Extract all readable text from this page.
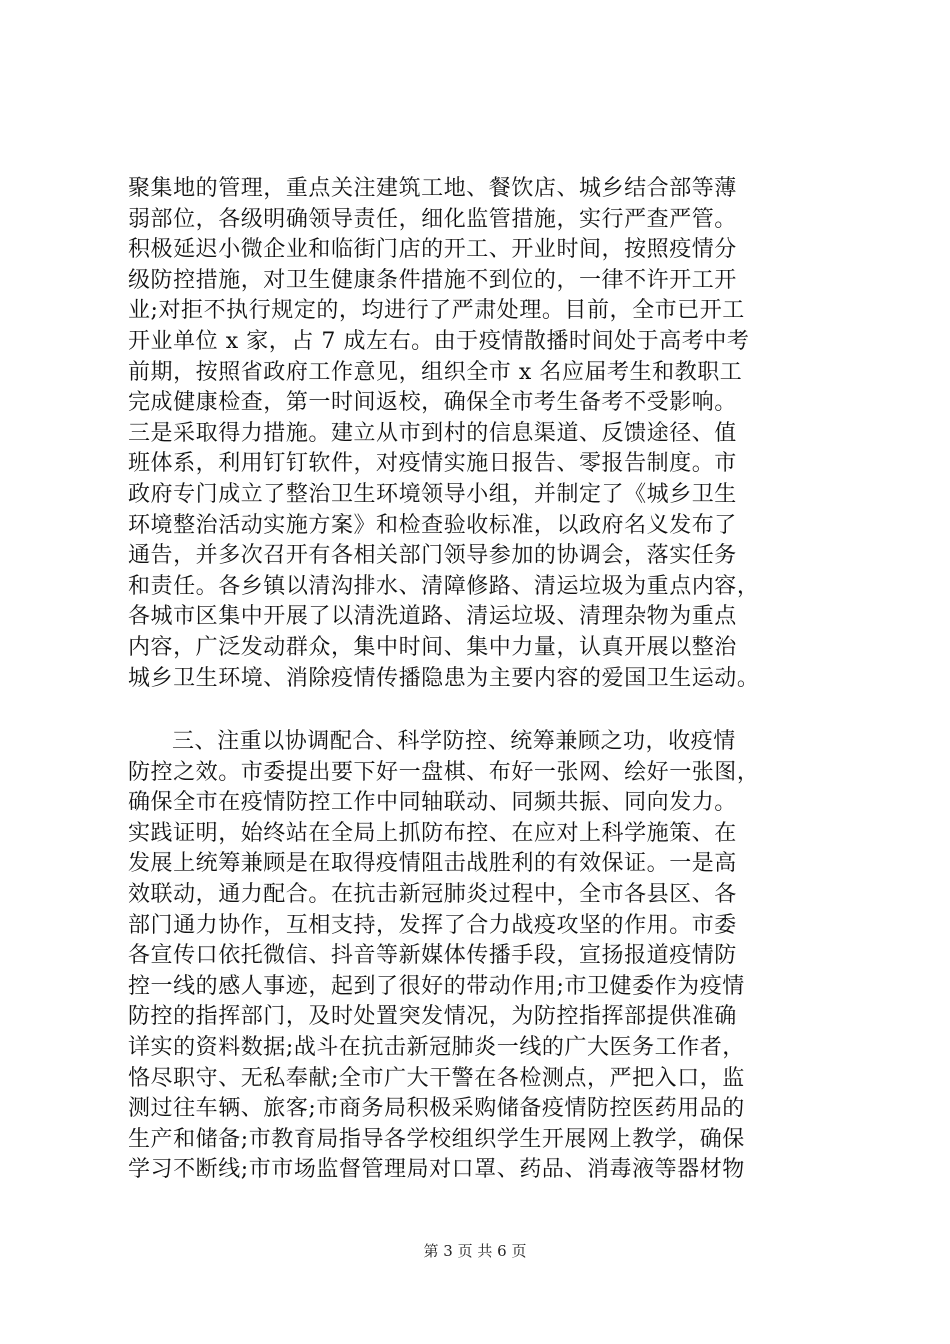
聚集地的管理，重点关注建筑工地、餐饮店、城乡结合部等薄
弱部位，各级明确领导责任，细化监管措施，实行严查严管。
积极延迟小微企业和临街门店的开工、开业时间，按照疫情分
级防控措施，对卫生健康条件措施不到位的，一律不许开工开
业;对拒不执行规定的，均进行了严肃处理。目前，全市已开工
开业单位 x 家，占 7 成左右。由于疫情散播时间处于高考中考
前期，按照省政府工作意见，组织全市 x 名应届考生和教职工
完成健康检查，第一时间返校，确保全市考生备考不受影响。
三是采取得力措施。建立从市到村的信息渠道、反馈途径、值
班体系，利用钉钉软件，对疫情实施日报告、零报告制度。市
政府专门成立了整治卫生环境领导小组，并制定了《城乡卫生
环境整治活动实施方案》和检查验收标准，以政府名义发布了
通告，并多次召开有各相关部门领导参加的协调会，落实任务
和责任。各乡镇以清沟排水、清障修路、清运垃圾为重点内容，
各城市区集中开展了以清洗道路、清运垃圾、清理杂物为重点
内容，广泛发动群众，集中时间、集中力量，认真开展以整治
城乡卫生环境、消除疫情传播隐患为主要内容的爱国卫生运动。
三、注重以协调配合、科学防控、统筹兼顾之功，收疫情
防控之效。市委提出要下好一盘棋、布好一张网、绘好一张图，
确保全市在疫情防控工作中同轴联动、同频共振、同向发力。
实践证明，始终站在全局上抓防布控、在应对上科学施策、在
发展上统筹兼顾是在取得疫情阻击战胜利的有效保证。一是高
效联动，通力配合。在抗击新冠肺炎过程中，全市各县区、各
部门通力协作，互相支持，发挥了合力战疫攻坚的作用。市委
各宣传口依托微信、抖音等新媒体传播手段，宣扬报道疫情防
控一线的感人事迹，起到了很好的带动作用;市卫健委作为疫情
防控的指挥部门，及时处置突发情况，为防控指挥部提供准确
详实的资料数据;战斗在抗击新冠肺炎一线的广大医务工作者，
恪尽职守、无私奉献;全市广大干警在各检测点，严把入口，监
测过往车辆、旅客;市商务局积极采购储备疫情防控医药用品的
生产和储备;市教育局指导各学校组织学生开展网上教学，确保
学习不断线;市市场监督管理局对口罩、药品、消毒液等器材物
第 3 页 共 6 页
